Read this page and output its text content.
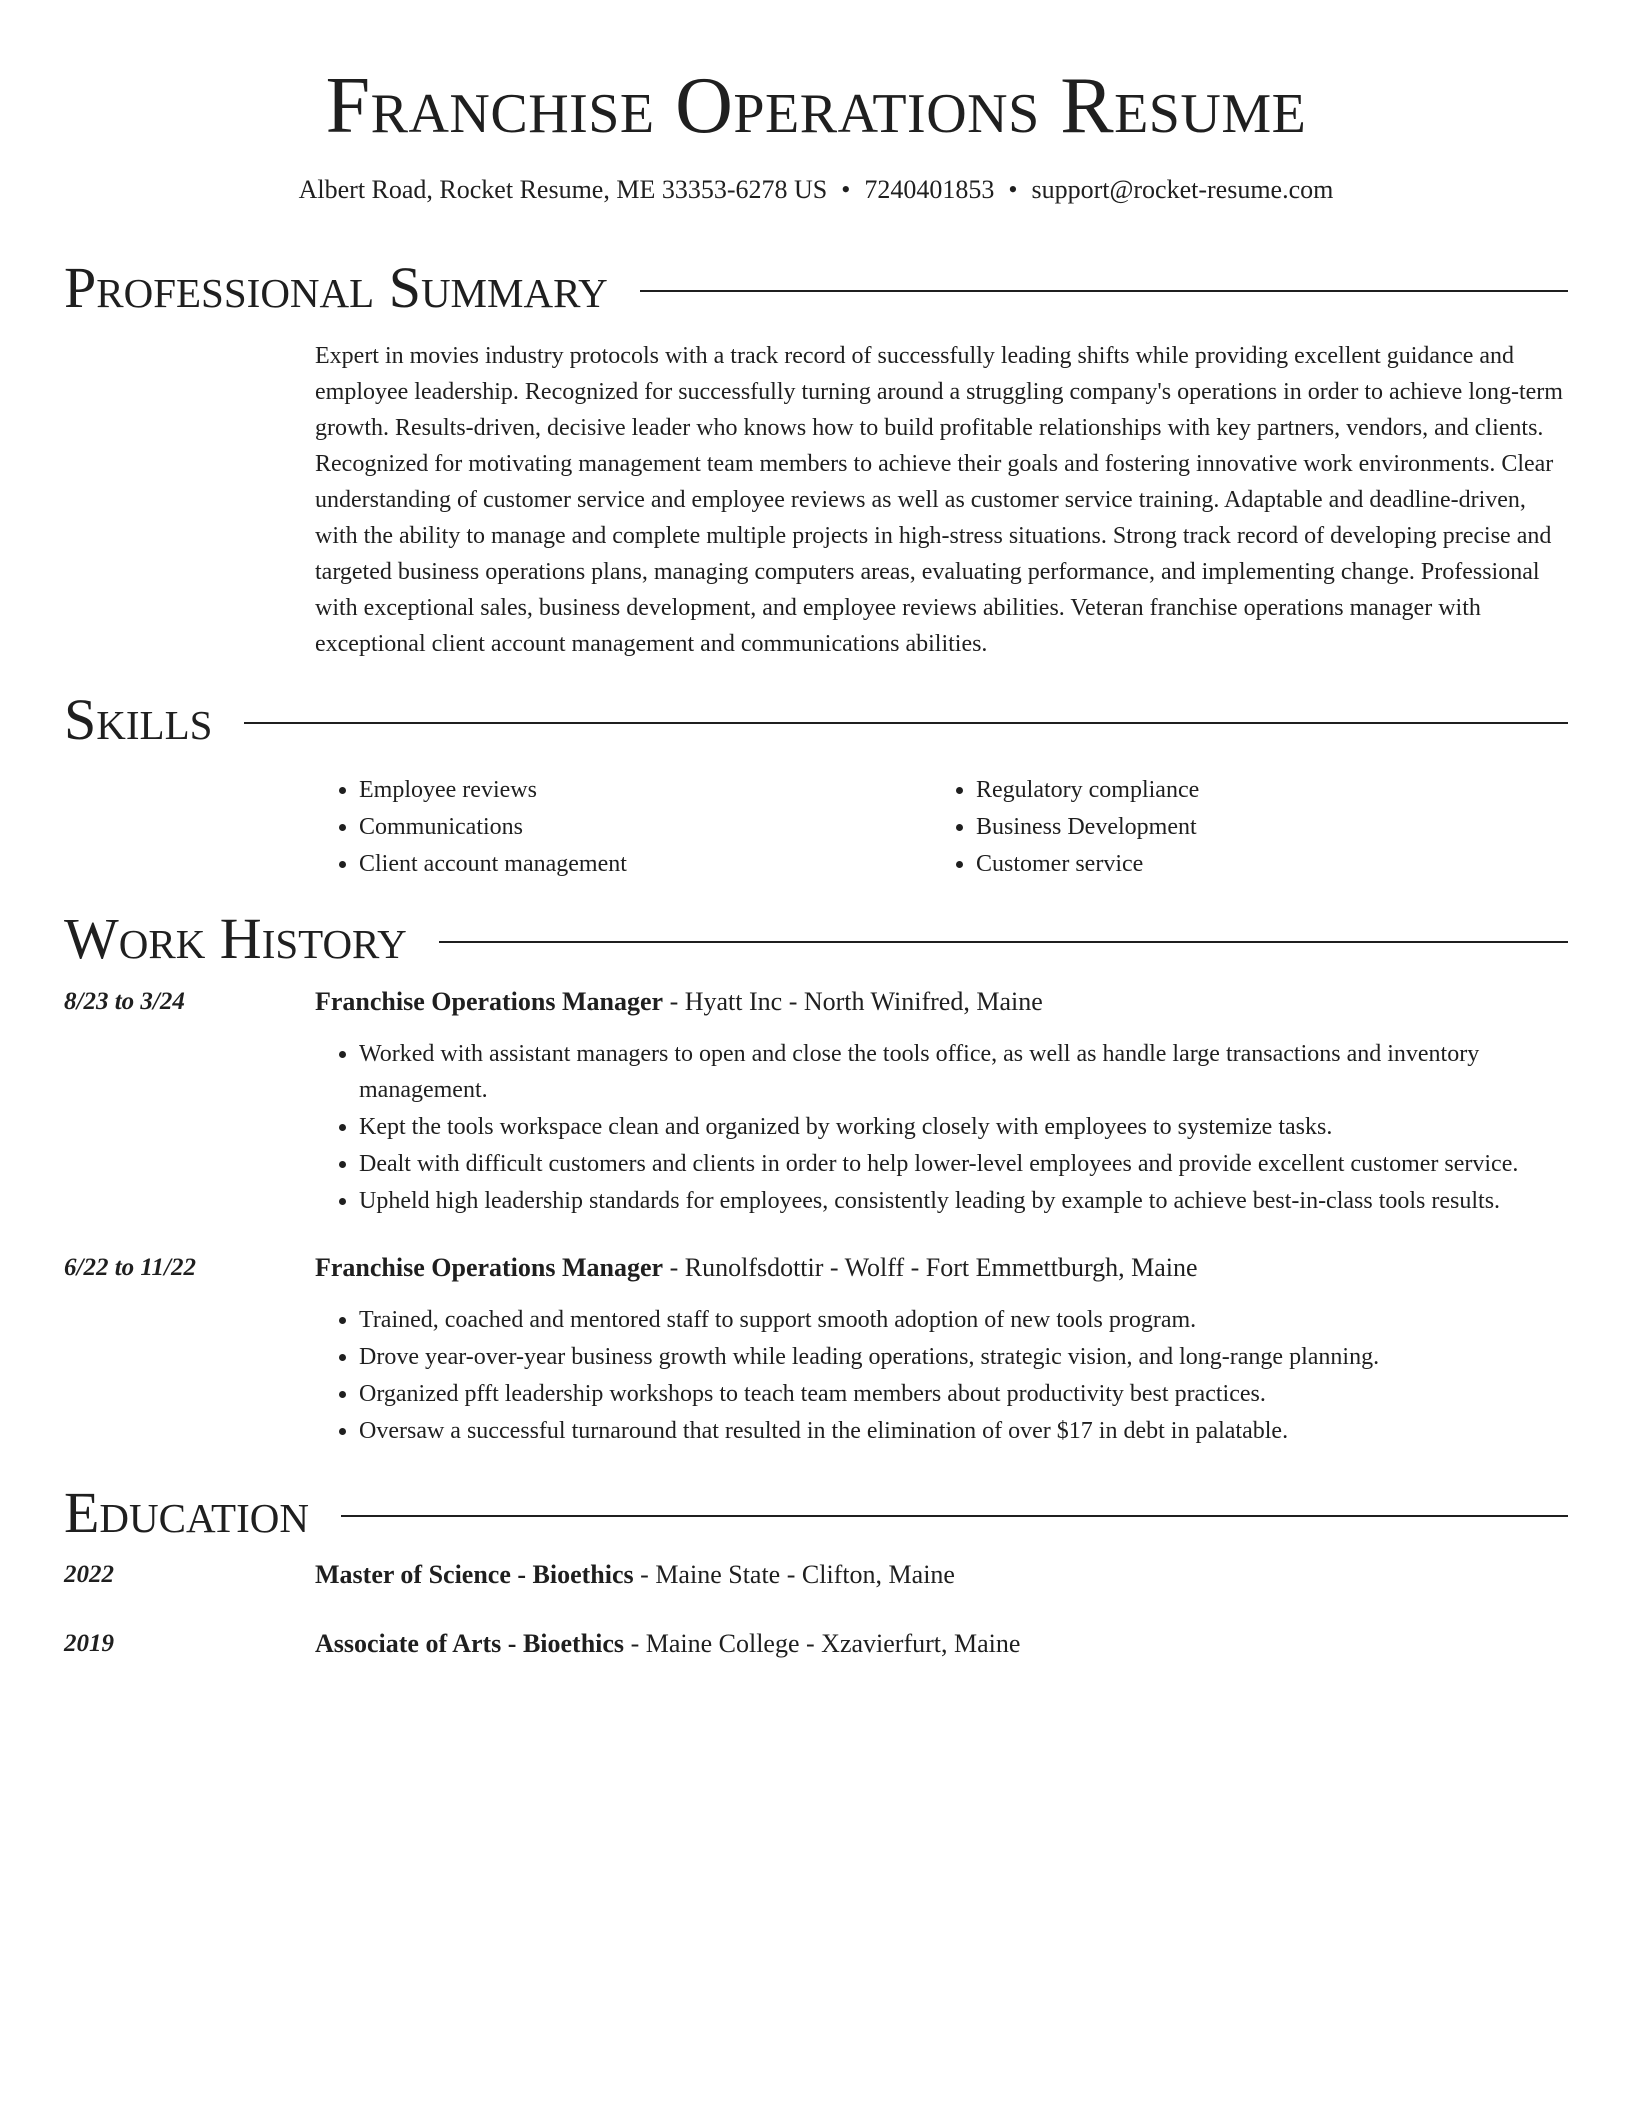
Franchise Operations Resume
Albert Road, Rocket Resume, ME 33353-6278 US • 7240401853 • support@rocket-resume.com
Professional Summary

Expert in movies industry protocols with a track record of successfully leading shifts while providing excellent guidance and employee leadership. Recognized for successfully turning around a struggling company's operations in order to achieve long-term growth. Results-driven, decisive leader who knows how to build profitable relationships with key partners, vendors, and clients. Recognized for motivating management team members to achieve their goals and fostering innovative work environments. Clear understanding of customer service and employee reviews as well as customer service training. Adaptable and deadline-driven, with the ability to manage and complete multiple projects in high-stress situations. Strong track record of developing precise and targeted business operations plans, managing computers areas, evaluating performance, and implementing change. Professional with exceptional sales, business development, and employee reviews abilities. Veteran franchise operations manager with exceptional client account management and communications abilities.

Skills
• Employee reviews
• Communications
• Client account management
• Regulatory compliance
• Business Development
• Customer service
Work History
8/23 to 3/24	Franchise Operations Manager - Hyatt Inc - North Winifred, Maine
• Worked with assistant managers to open and close the tools office, as well as handle large transactions and inventory management.
• Kept the tools workspace clean and organized by working closely with employees to systemize tasks.
• Dealt with difficult customers and clients in order to help lower-level employees and provide excellent customer service.
• Upheld high leadership standards for employees, consistently leading by example to achieve best-in-class tools results.
6/22 to 11/22	Franchise Operations Manager - Runolfsdottir - Wolff - Fort Emmettburgh, Maine
• Trained, coached and mentored staff to support smooth adoption of new tools program.
• Drove year-over-year business growth while leading operations, strategic vision, and long-range planning.
• Organized pfft leadership workshops to teach team members about productivity best practices.
• Oversaw a successful turnaround that resulted in the elimination of over $17 in debt in palatable.
Education
2022	Master of Science - Bioethics - Maine State - Clifton, Maine
2019	Associate of Arts - Bioethics - Maine College - Xzavierfurt, Maine
